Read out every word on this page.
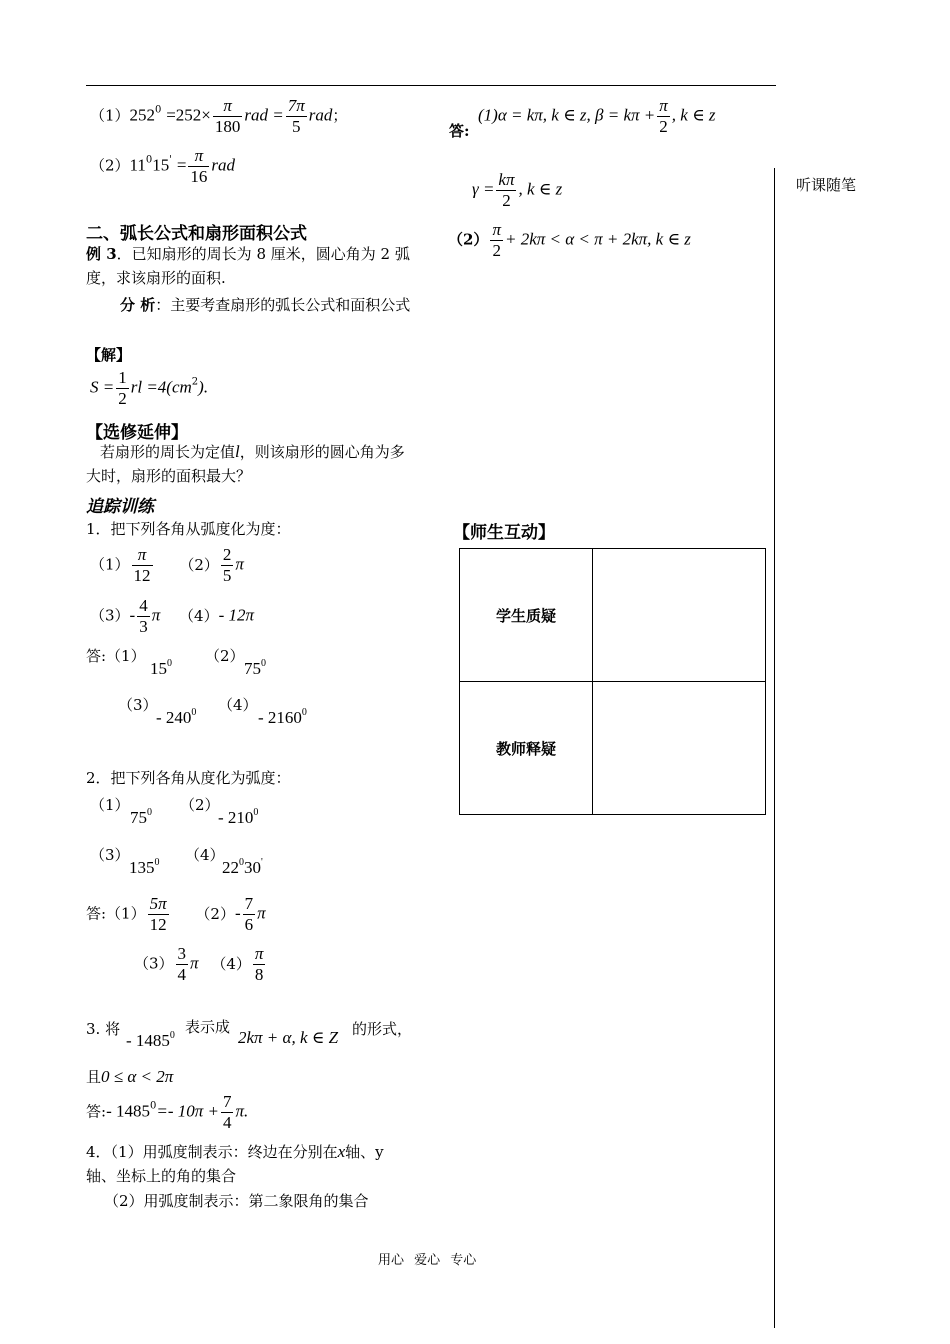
听课随笔
$(1)252^0 =252\times \frac{\pi}{180}$ rad = $\frac{7\pi}{5}$ rad；
$(2)11^015' = \frac{\pi}{16}$ rad
二、弧长公式和扇形面积公式
例 3．已知扇形的周长为 8 厘米，圆心角为 2 弧度，求该扇形的面积.
分 析：主要考查扇形的弧长公式和面积公式
【解】
$S = \frac{1}{2}$ rl $=4(cm^2)$.
【选修延伸】
若扇形的周长为定值l，则该扇形的圆心角为多大时，扇形的面积最大？
追踪训练
1．把下列各角从弧度化为度：
$(1) \frac{\pi}{12} (2) \frac{2}{5}$ π
$(3)- \frac{4}{3}$ π （4）- 12π
答:（1）
$15^0$ （2）
$75^0$
（3）
- $240^0$ （4）
- 2160$^0$
2．把下列各角从度化为弧度：
（1）
$75^0$ （2）
- $210^0$
（3）
$135^0$ （4）
$22^030'$
答:（1） $\frac{5\pi}{12} (2)- \frac{7}{6}$ π
$(3) \frac{3}{4}$ π $(4) \frac{\pi}{8}$
3. 将
- 1485$^0$ 表示成
2kπ + α, k ∈ Z 的形式，
且0 ≤ α < 2π
答:- $1485^0=-$ $10\pi + \frac{7}{4} \pi$.
4．（1）用弧度制表示：终边在分别在x轴、y 轴、坐标上的角的集合
（2）用弧度制表示：第二象限角的集合
答:
(1)α = kπ, k ∈ z, $\beta = k\pi + \frac{\pi}{2}$ , k ∈ z
$\gamma = \frac{k\pi}{2}$ , k ∈ z
$(2) \frac{\pi}{2} + 2k\pi < \alpha < \pi + 2k\pi$, k ∈ z
【师生互动】
学生质疑	
教师释疑	
用心 爱心 专心
